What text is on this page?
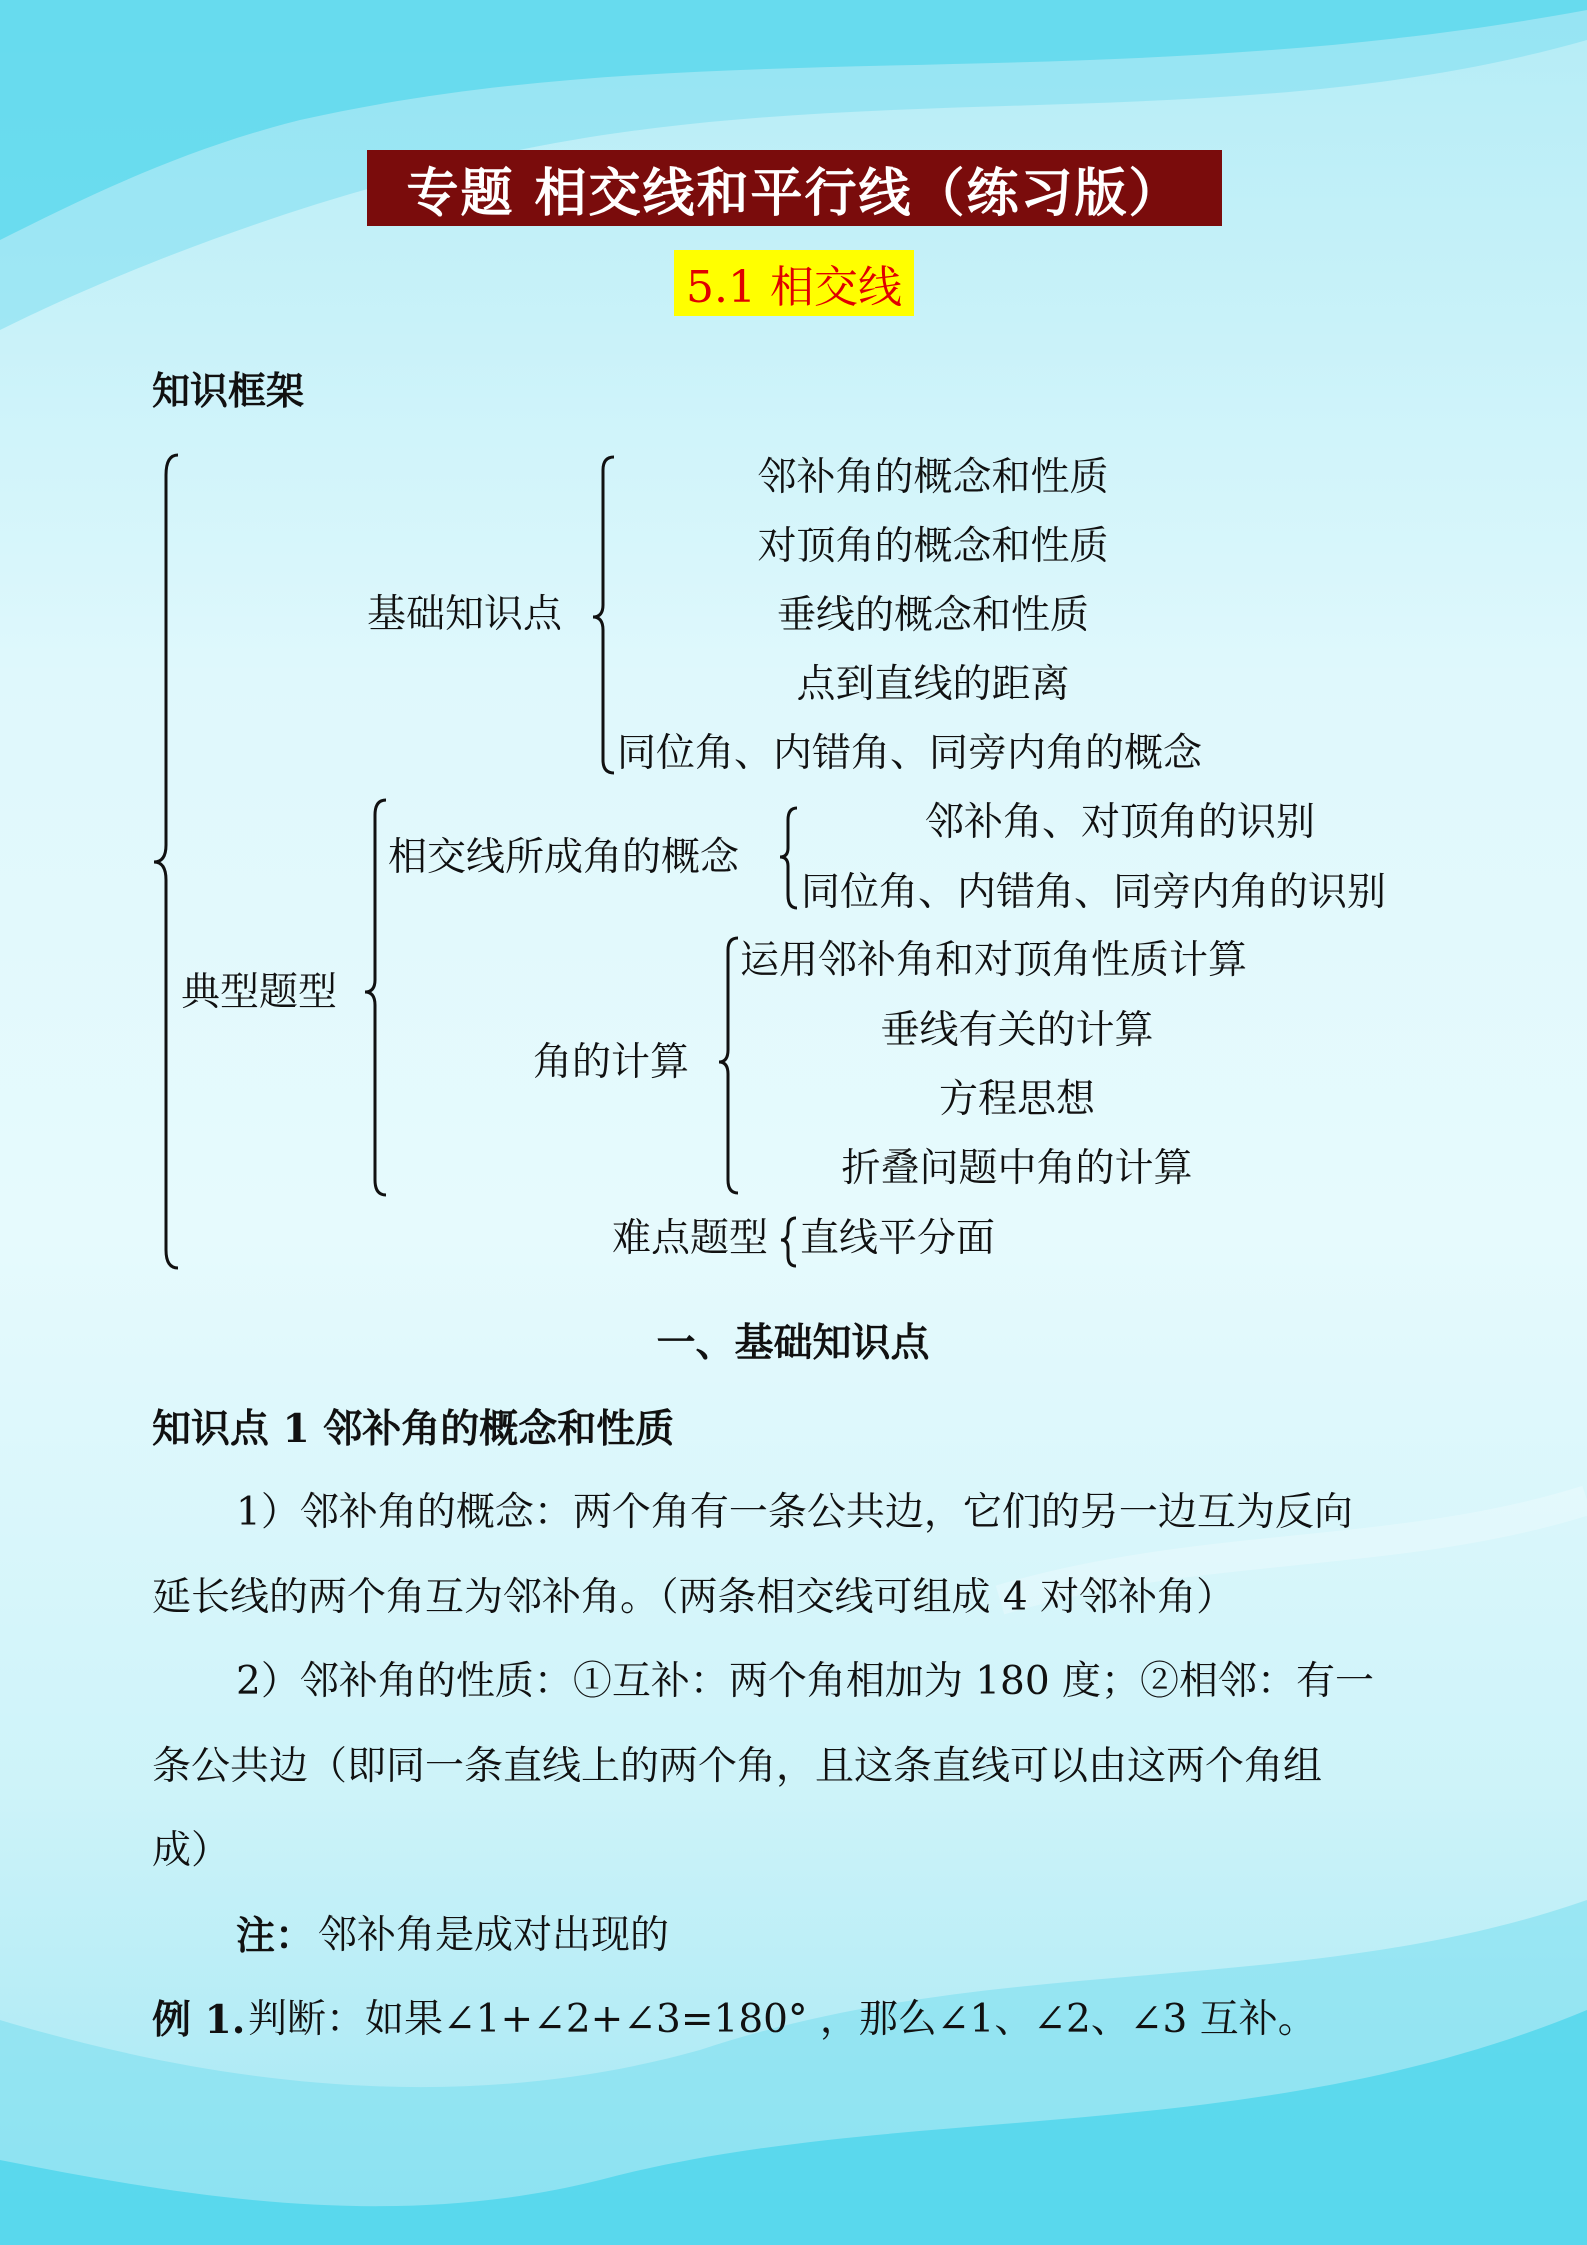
专题 相交线和平行线（练习版）
5.1 相交线
知识框架
基础知识点
邻补角的概念和性质
对顶角的概念和性质
垂线的概念和性质
点到直线的距离
同位角、内错角、同旁内角的概念
典型题型
相交线所成角的概念
邻补角、对顶角的识别
同位角、内错角、同旁内角的识别
角的计算
运用邻补角和对顶角性质计算
垂线有关的计算
方程思想
折叠问题中角的计算
难点题型 直线平分面
一、基础知识点
知识点 1 邻补角的概念和性质
1）邻补角的概念：两个角有一条公共边，它们的另一边互为反向
延长线的两个角互为邻补角。（两条相交线可组成 4 对邻补角）
2）邻补角的性质：①互补：两个角相加为 180 度；②相邻：有一
条公共边（即同一条直线上的两个角，且这条直线可以由这两个角组
成）
注： 邻补角是成对出现的
例 1. 判断：如果∠1+∠2+∠3=180° ，那么∠1、∠2、∠3 互补。
